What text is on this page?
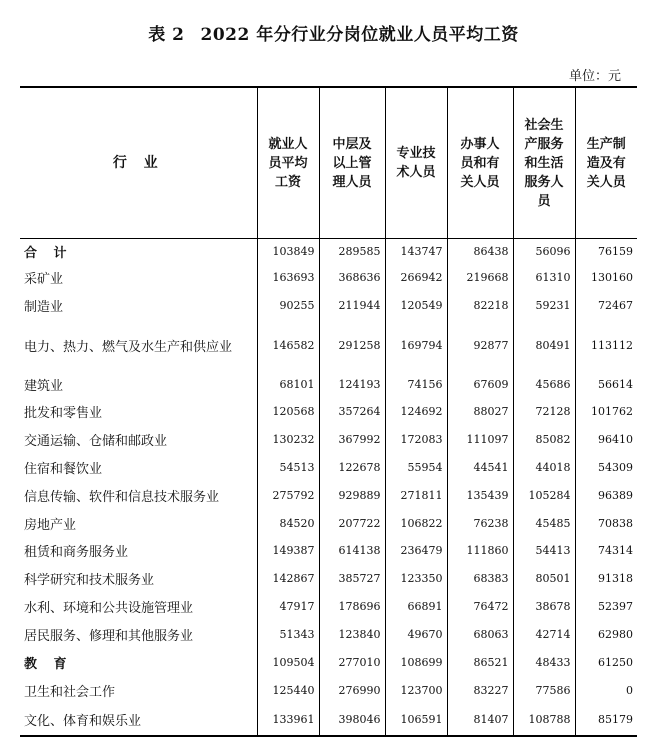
表 2 2022 年分行业分岗位就业人员平均工资
单位：元
行 业	就业人
员平均
工资	中层及
以上管
理人员	专业技
术人员	办事人
员和有
关人员	社会生
产服务
和生活
服务人
员	生产制
造及有
关人员

合 计	103849	289585	143747	86438	56096	76159
采矿业	163693	368636	266942	219668	61310	130160
制造业	90255	211944	120549	82218	59231	72467
电力、热力、燃气及水生产和供应业	146582	291258	169794	92877	80491	113112
建筑业	68101	124193	74156	67609	45686	56614
批发和零售业	120568	357264	124692	88027	72128	101762
交通运输、仓储和邮政业	130232	367992	172083	111097	85082	96410
住宿和餐饮业	54513	122678	55954	44541	44018	54309
信息传输、软件和信息技术服务业	275792	929889	271811	135439	105284	96389
房地产业	84520	207722	106822	76238	45485	70838
租赁和商务服务业	149387	614138	236479	111860	54413	74314
科学研究和技术服务业	142867	385727	123350	68383	80501	91318
水利、环境和公共设施管理业	47917	178696	66891	76472	38678	52397
居民服务、修理和其他服务业	51343	123840	49670	68063	42714	62980
教 育	109504	277010	108699	86521	48433	61250
卫生和社会工作	125440	276990	123700	83227	77586	0
文化、体育和娱乐业	133961	398046	106591	81407	108788	85179
